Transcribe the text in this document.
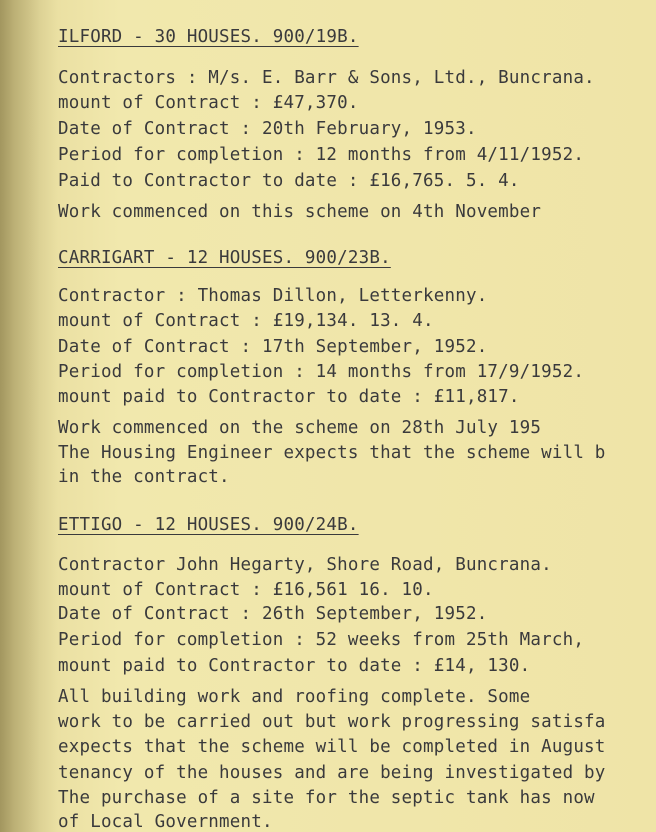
ILFORD - 30 HOUSES. 900/19B.
Contractors : M/s. E. Barr & Sons, Ltd., Buncrana.
mount of Contract : £47,370.
Date of Contract : 20th February, 1953.
Period for completion : 12 months from 4/11/1952.
Paid to Contractor to date : £16,765. 5. 4.
Work commenced on this scheme on 4th November
CARRIGART - 12 HOUSES. 900/23B.
Contractor : Thomas Dillon, Letterkenny.
mount of Contract : £19,134. 13. 4.
Date of Contract : 17th September, 1952.
Period for completion : 14 months from 17/9/1952.
mount paid to Contractor to date : £11,817.
Work commenced on the scheme on 28th July 195
The Housing Engineer expects that the scheme will b
in the contract.
ETTIGO - 12 HOUSES. 900/24B.
Contractor John Hegarty, Shore Road, Buncrana.
mount of Contract : £16,561 16. 10.
Date of Contract : 26th September, 1952.
Period for completion : 52 weeks from 25th March,
mount paid to Contractor to date : £14, 130.
All building work and roofing complete. Some
work to be carried out but work progressing satisfa
expects that the scheme will be completed in August
tenancy of the houses and are being investigated by
The purchase of a site for the septic tank has now
of Local Government.
